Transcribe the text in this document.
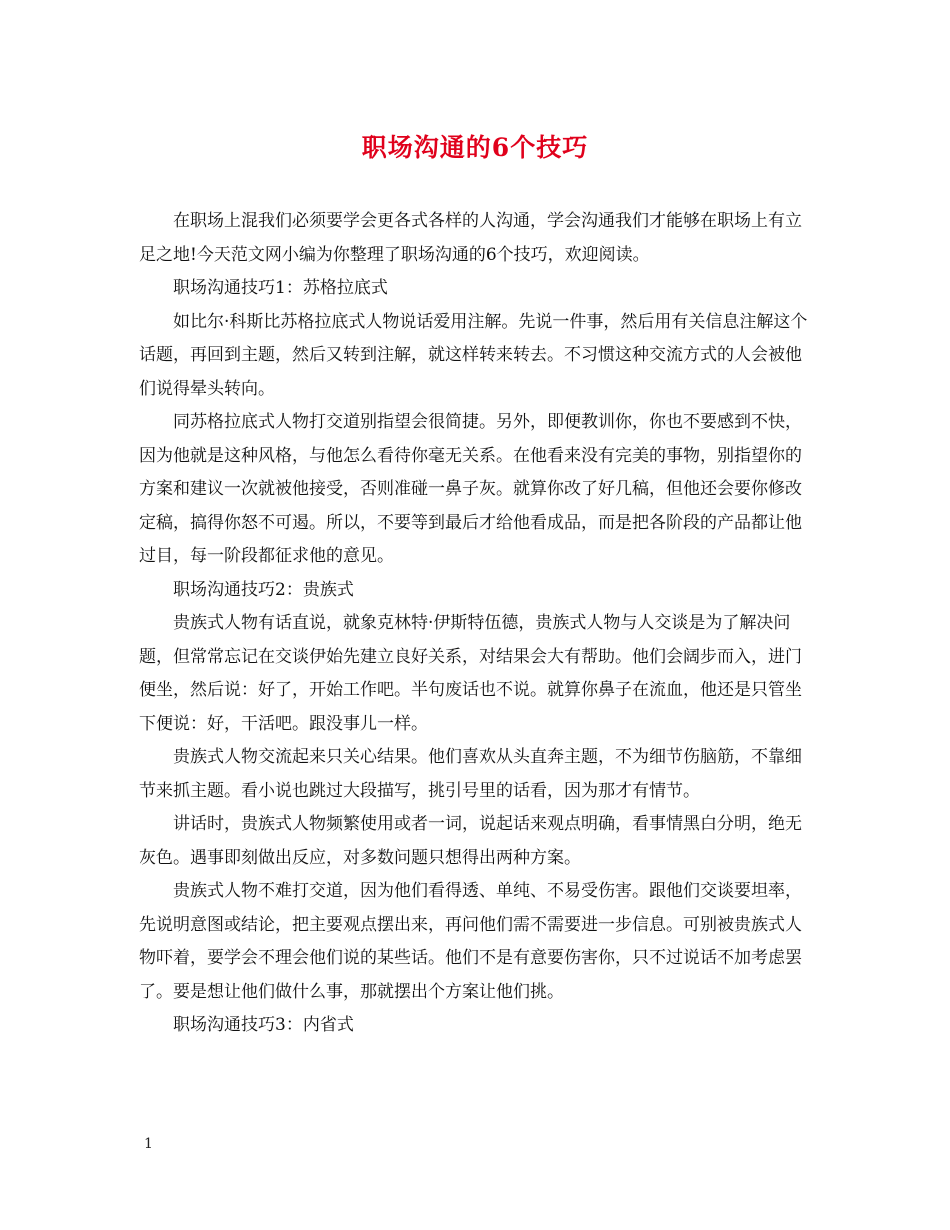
职场沟通的6个技巧

在职场上混我们必须要学会更各式各样的人沟通，学会沟通我们才能够在职场上有立足之地!今天范文网小编为你整理了职场沟通的6个技巧，欢迎阅读。

职场沟通技巧1：苏格拉底式

如比尔·科斯比苏格拉底式人物说话爱用注解。先说一件事，然后用有关信息注解这个话题，再回到主题，然后又转到注解，就这样转来转去。不习惯这种交流方式的人会被他们说得晕头转向。

同苏格拉底式人物打交道别指望会很简捷。另外，即便教训你，你也不要感到不快，因为他就是这种风格，与他怎么看待你毫无关系。在他看来没有完美的事物，别指望你的方案和建议一次就被他接受，否则准碰一鼻子灰。就算你改了好几稿，但他还会要你修改定稿，搞得你怒不可遏。所以，不要等到最后才给他看成品，而是把各阶段的产品都让他过目，每一阶段都征求他的意见。

职场沟通技巧2：贵族式

贵族式人物有话直说，就象克林特·伊斯特伍德，贵族式人物与人交谈是为了解决问题，但常常忘记在交谈伊始先建立良好关系，对结果会大有帮助。他们会阔步而入，进门便坐，然后说：好了，开始工作吧。半句废话也不说。就算你鼻子在流血，他还是只管坐下便说：好，干活吧。跟没事儿一样。

贵族式人物交流起来只关心结果。他们喜欢从头直奔主题，不为细节伤脑筋，不靠细节来抓主题。看小说也跳过大段描写，挑引号里的话看，因为那才有情节。

讲话时，贵族式人物频繁使用或者一词，说起话来观点明确，看事情黑白分明，绝无灰色。遇事即刻做出反应，对多数问题只想得出两种方案。

贵族式人物不难打交道，因为他们看得透、单纯、不易受伤害。跟他们交谈要坦率，先说明意图或结论，把主要观点摆出来，再问他们需不需要进一步信息。可别被贵族式人物吓着，要学会不理会他们说的某些话。他们不是有意要伤害你，只不过说话不加考虑罢了。要是想让他们做什么事，那就摆出个方案让他们挑。

职场沟通技巧3：内省式

1
